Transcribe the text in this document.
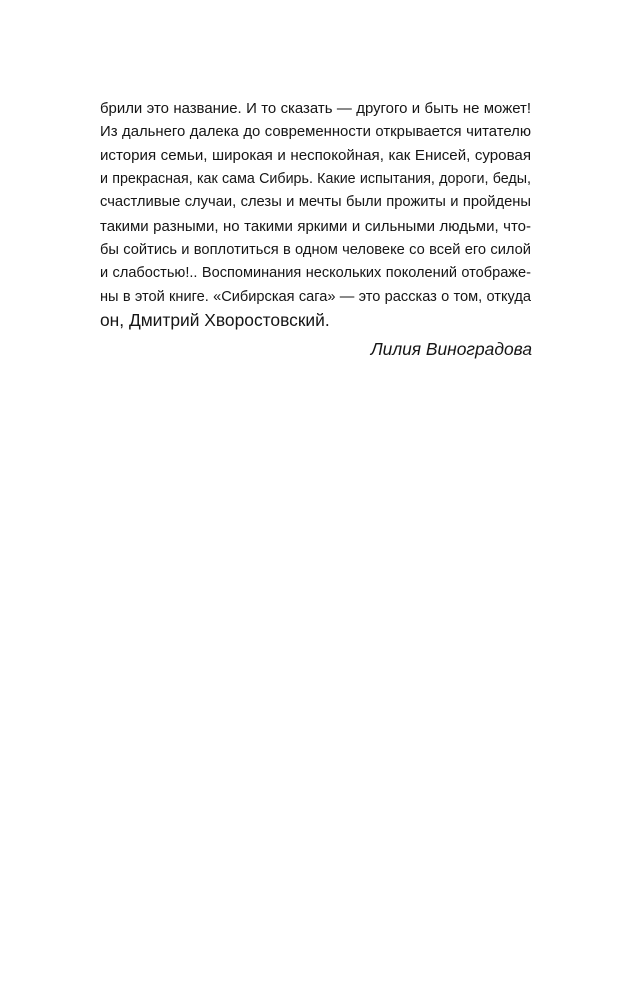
брили это название. И то сказать — другого и быть не может!
Из дальнего далека до современности открывается читателю
история семьи, широкая и неспокойная, как Енисей, суровая
и прекрасная, как сама Сибирь. Какие испытания, дороги, беды,
счастливые случаи, слезы и мечты были прожиты и пройдены
такими разными, но такими яркими и сильными людьми, что-
бы сойтись и воплотиться в одном человеке со всей его силой
и слабостью!.. Воспоминания нескольких поколений отображе-
ны в этой книге. «Сибирская сага» — это рассказ о том, откуда
он, Дмитрий Хворостовский.
Лилия Виноградова
